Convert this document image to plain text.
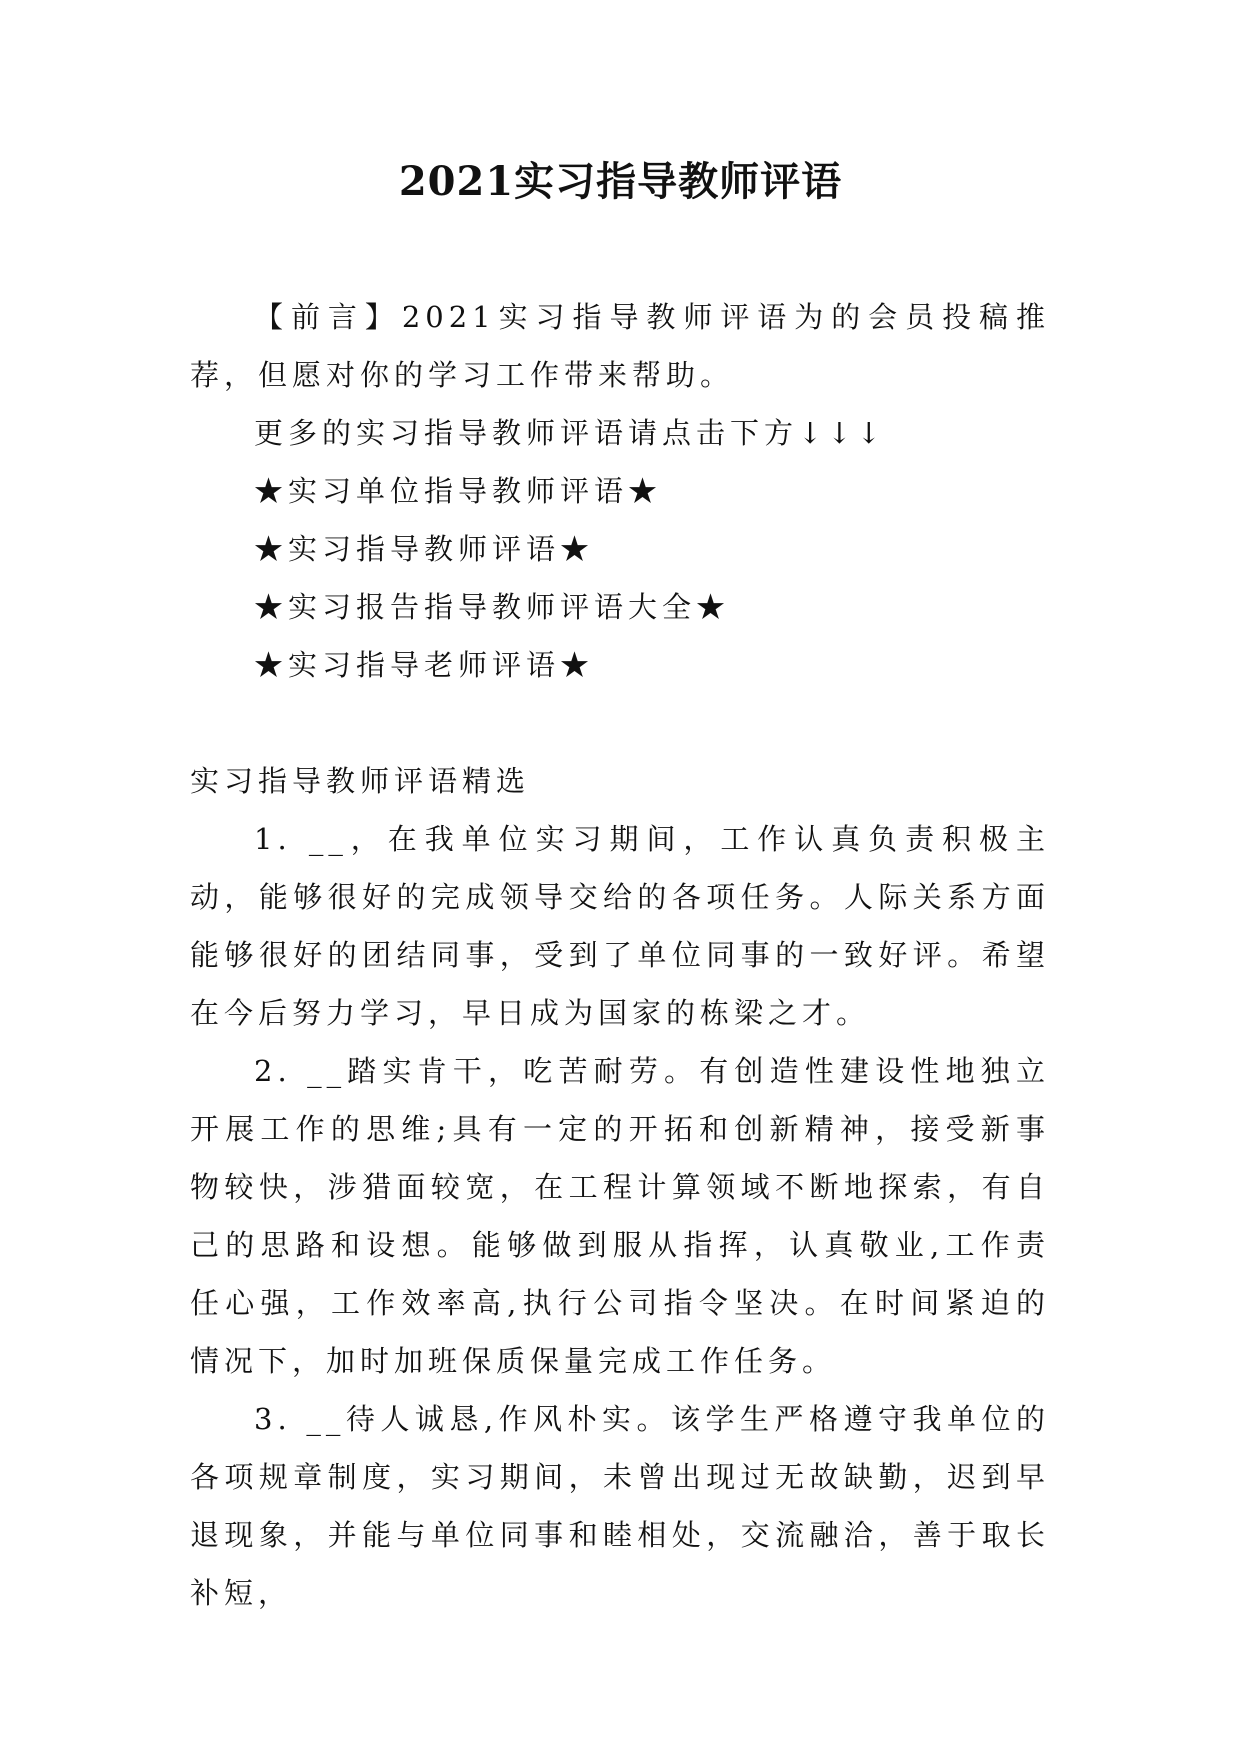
2021实习指导教师评语

【前言】2021实习指导教师评语为的会员投稿推荐，但愿对你的学习工作带来帮助。

更多的实习指导教师评语请点击下方↓↓↓

★实习单位指导教师评语★

★实习指导教师评语★

★实习报告指导教师评语大全★

★实习指导老师评语★

实习指导教师评语精选

1. __，在我单位实习期间，工作认真负责积极主动，能够很好的完成领导交给的各项任务。人际关系方面能够很好的团结同事，受到了单位同事的一致好评。希望在今后努力学习，早日成为国家的栋梁之才。

2. __踏实肯干，吃苦耐劳。有创造性建设性地独立开展工作的思维;具有一定的开拓和创新精神，接受新事物较快，涉猎面较宽，在工程计算领域不断地探索，有自己的思路和设想。能够做到服从指挥，认真敬业,工作责任心强，工作效率高,执行公司指令坚决。在时间紧迫的情况下，加时加班保质保量完成工作任务。

3. __待人诚恳,作风朴实。该学生严格遵守我单位的各项规章制度，实习期间，未曾出现过无故缺勤，迟到早退现象，并能与单位同事和睦相处，交流融洽，善于取长补短，
